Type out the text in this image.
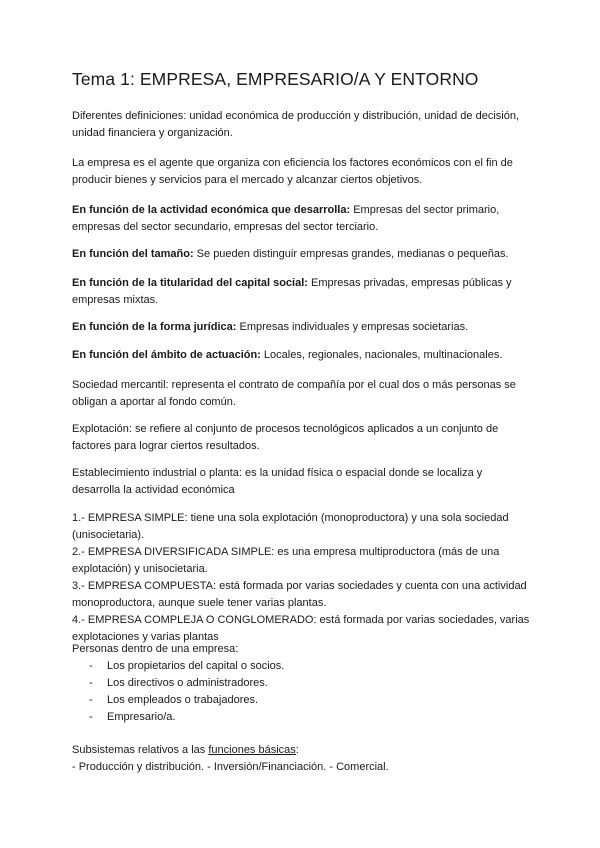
Tema 1: EMPRESA, EMPRESARIO/A Y ENTORNO

Diferentes definiciones: unidad económica de producción y distribución, unidad de decisión, unidad financiera y organización.

La empresa es el agente que organiza con eficiencia los factores económicos con el fin de producir bienes y servicios para el mercado y alcanzar ciertos objetivos.

En función de la actividad económica que desarrolla: Empresas del sector primario, empresas del sector secundario, empresas del sector terciario.

En función del tamaño: Se pueden distinguir empresas grandes, medianas o pequeñas.

En función de la titularidad del capital social: Empresas privadas, empresas públicas y empresas mixtas.

En función de la forma jurídica: Empresas individuales y empresas societarias.

En función del ámbito de actuación: Locales, regionales, nacionales, multinacionales.

Sociedad mercantil: representa el contrato de compañía por el cual dos o más personas se obligan a aportar al fondo común.

Explotación: se refiere al conjunto de procesos tecnológicos aplicados a un conjunto de factores para lograr ciertos resultados.

Establecimiento industrial o planta: es la unidad física o espacial donde se localiza y desarrolla la actividad económica

1.- EMPRESA SIMPLE: tiene una sola explotación (monoproductora) y una sola sociedad (unisocietaria).
2.- EMPRESA DIVERSIFICADA SIMPLE: es una empresa multiproductora (más de una explotación) y unisocietaria.
3.- EMPRESA COMPUESTA: está formada por varias sociedades y cuenta con una actividad monoproductora, aunque suele tener varias plantas.
4.- EMPRESA COMPLEJA O CONGLOMERADO: está formada por varias sociedades, varias explotaciones y varias plantas
Personas dentro de una empresa:
- Los propietarios del capital o socios.
- Los directivos o administradores.
- Los empleados o trabajadores.
- Empresario/a.
Subsistemas relativos a las funciones básicas:
- Producción y distribución. - Inversión/Financiación. - Comercial.
